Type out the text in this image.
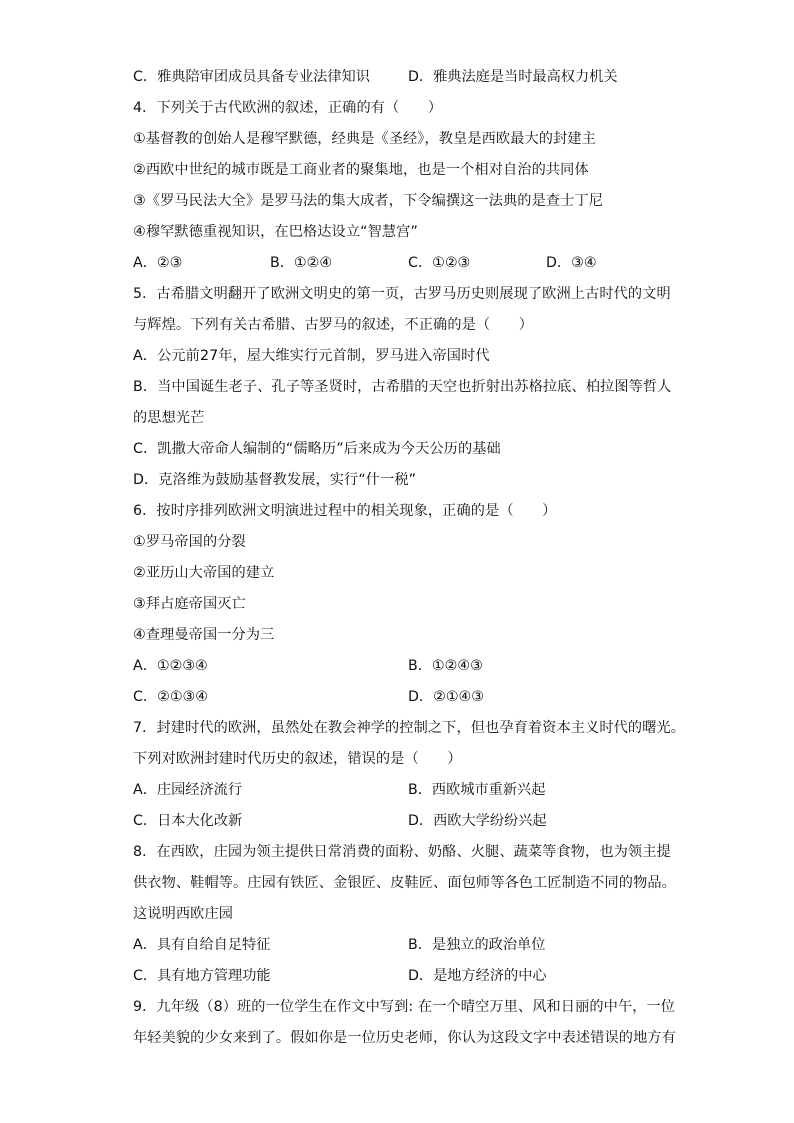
C．雅典陪审团成员具备专业法律知识	D．雅典法庭是当时最高权力机关
4．下列关于古代欧洲的叙述，正确的有（　　）
①基督教的创始人是穆罕默德，经典是《圣经》，教皇是西欧最大的封建主
②西欧中世纪的城市既是工商业者的聚集地，也是一个相对自治的共同体
③《罗马民法大全》是罗马法的集大成者，下令编撰这一法典的是查士丁尼
④穆罕默德重视知识，在巴格达设立“智慧宫”
A．②③	B．①②④	C．①②③	D．③④
5．古希腊文明翻开了欧洲文明史的第一页，古罗马历史则展现了欧洲上古时代的文明
与辉煌。下列有关古希腊、古罗马的叙述，不正确的是（　　）
A．公元前27年，屋大维实行元首制，罗马进入帝国时代
B．当中国诞生老子、孔子等圣贤时，古希腊的天空也折射出苏格拉底、柏拉图等哲人
的思想光芒
C．凯撒大帝命人编制的“儒略历”后来成为今天公历的基础
D．克洛维为鼓励基督教发展，实行“什一税”
6．按时序排列欧洲文明演进过程中的相关现象，正确的是（　　）
①罗马帝国的分裂
②亚历山大帝国的建立
③拜占庭帝国灭亡
④查理曼帝国一分为三
A．①②③④	B．①②④③
C．②①③④	D．②①④③
7．封建时代的欧洲，虽然处在教会神学的控制之下，但也孕育着资本主义时代的曙光。
下列对欧洲封建时代历史的叙述，错误的是（　　）
A．庄园经济流行	B．西欧城市重新兴起
C．日本大化改新	D．西欧大学纷纷兴起
8．在西欧，庄园为领主提供日常消费的面粉、奶酪、火腿、蔬菜等食物，也为领主提
供衣物、鞋帽等。庄园有铁匠、金银匠、皮鞋匠、面包师等各色工匠制造不同的物品。
这说明西欧庄园
A．具有自给自足特征	B．是独立的政治单位
C．具有地方管理功能	D．是地方经济的中心
9．九年级（8）班的一位学生在作文中写到: 在一个晴空万里、风和日丽的中午，一位
年轻美貌的少女来到了。假如你是一位历史老师，你认为这段文字中表述错误的地方有
